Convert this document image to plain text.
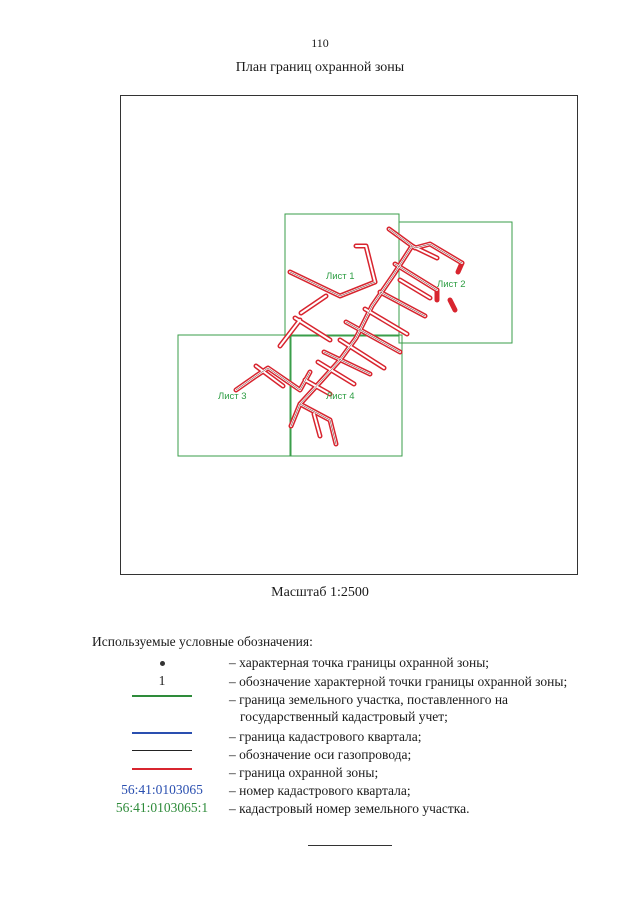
110
План границ охранной зоны
Лист 1
Лист 2
Лист 3	Лист 4
Масштаб 1:2500
Используемые условные обозначения:
– характерная точка границы охранной зоны;
1	– обозначение характерной точки границы охранной зоны;
– граница земельного участка, поставленного на
государственный кадастровый учет;
– граница кадастрового квартала;
– обозначение оси газопровода;
– граница охранной зоны;
56:41:0103065	– номер кадастрового квартала;
56:41:0103065:1	– кадастровый номер земельного участка.
